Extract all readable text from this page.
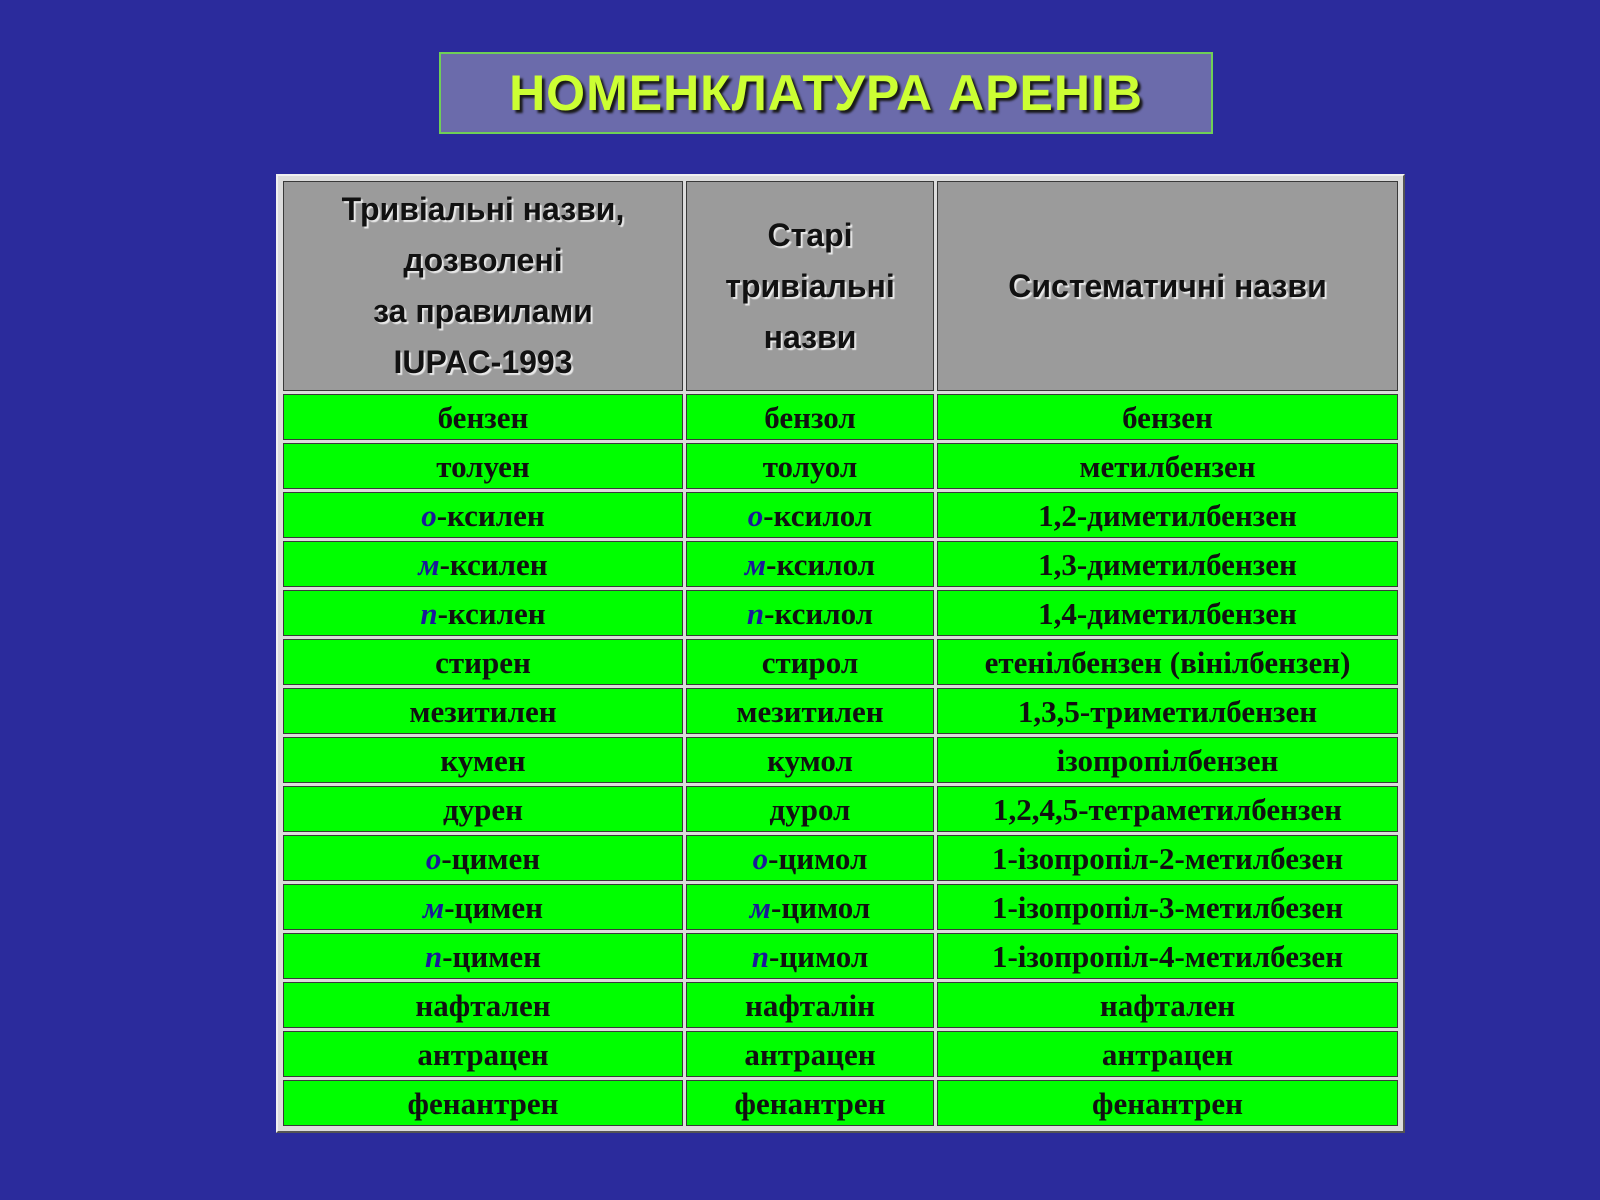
НОМЕНКЛАТУРА АРЕНІВ
Тривіальні назви,
дозволені
за правилами
IUPAC-1993	Старі
тривіальні
назви	Систематичні назви

бензен	бензол	бензен
толуен	толуол	метилбензен
о-ксилен	о-ксилол	1,2-диметилбензен
м-ксилен	м-ксилол	1,3-диметилбензен
п-ксилен	п-ксилол	1,4-диметилбензен
стирен	стирол	етенілбензен (вінілбензен)
мезитилен	мезитилен	1,3,5-триметилбензен
кумен	кумол	ізопропілбензен
дурен	дурол	1,2,4,5-тетраметилбензен
о-цимен	о-цимол	1-ізопропіл-2-метилбезен
м-цимен	м-цимол	1-ізопропіл-3-метилбезен
п-цимен	п-цимол	1-ізопропіл-4-метилбезен
нафтален	нафталін	нафтален
антрацен	антрацен	антрацен
фенантрен	фенантрен	фенантрен
